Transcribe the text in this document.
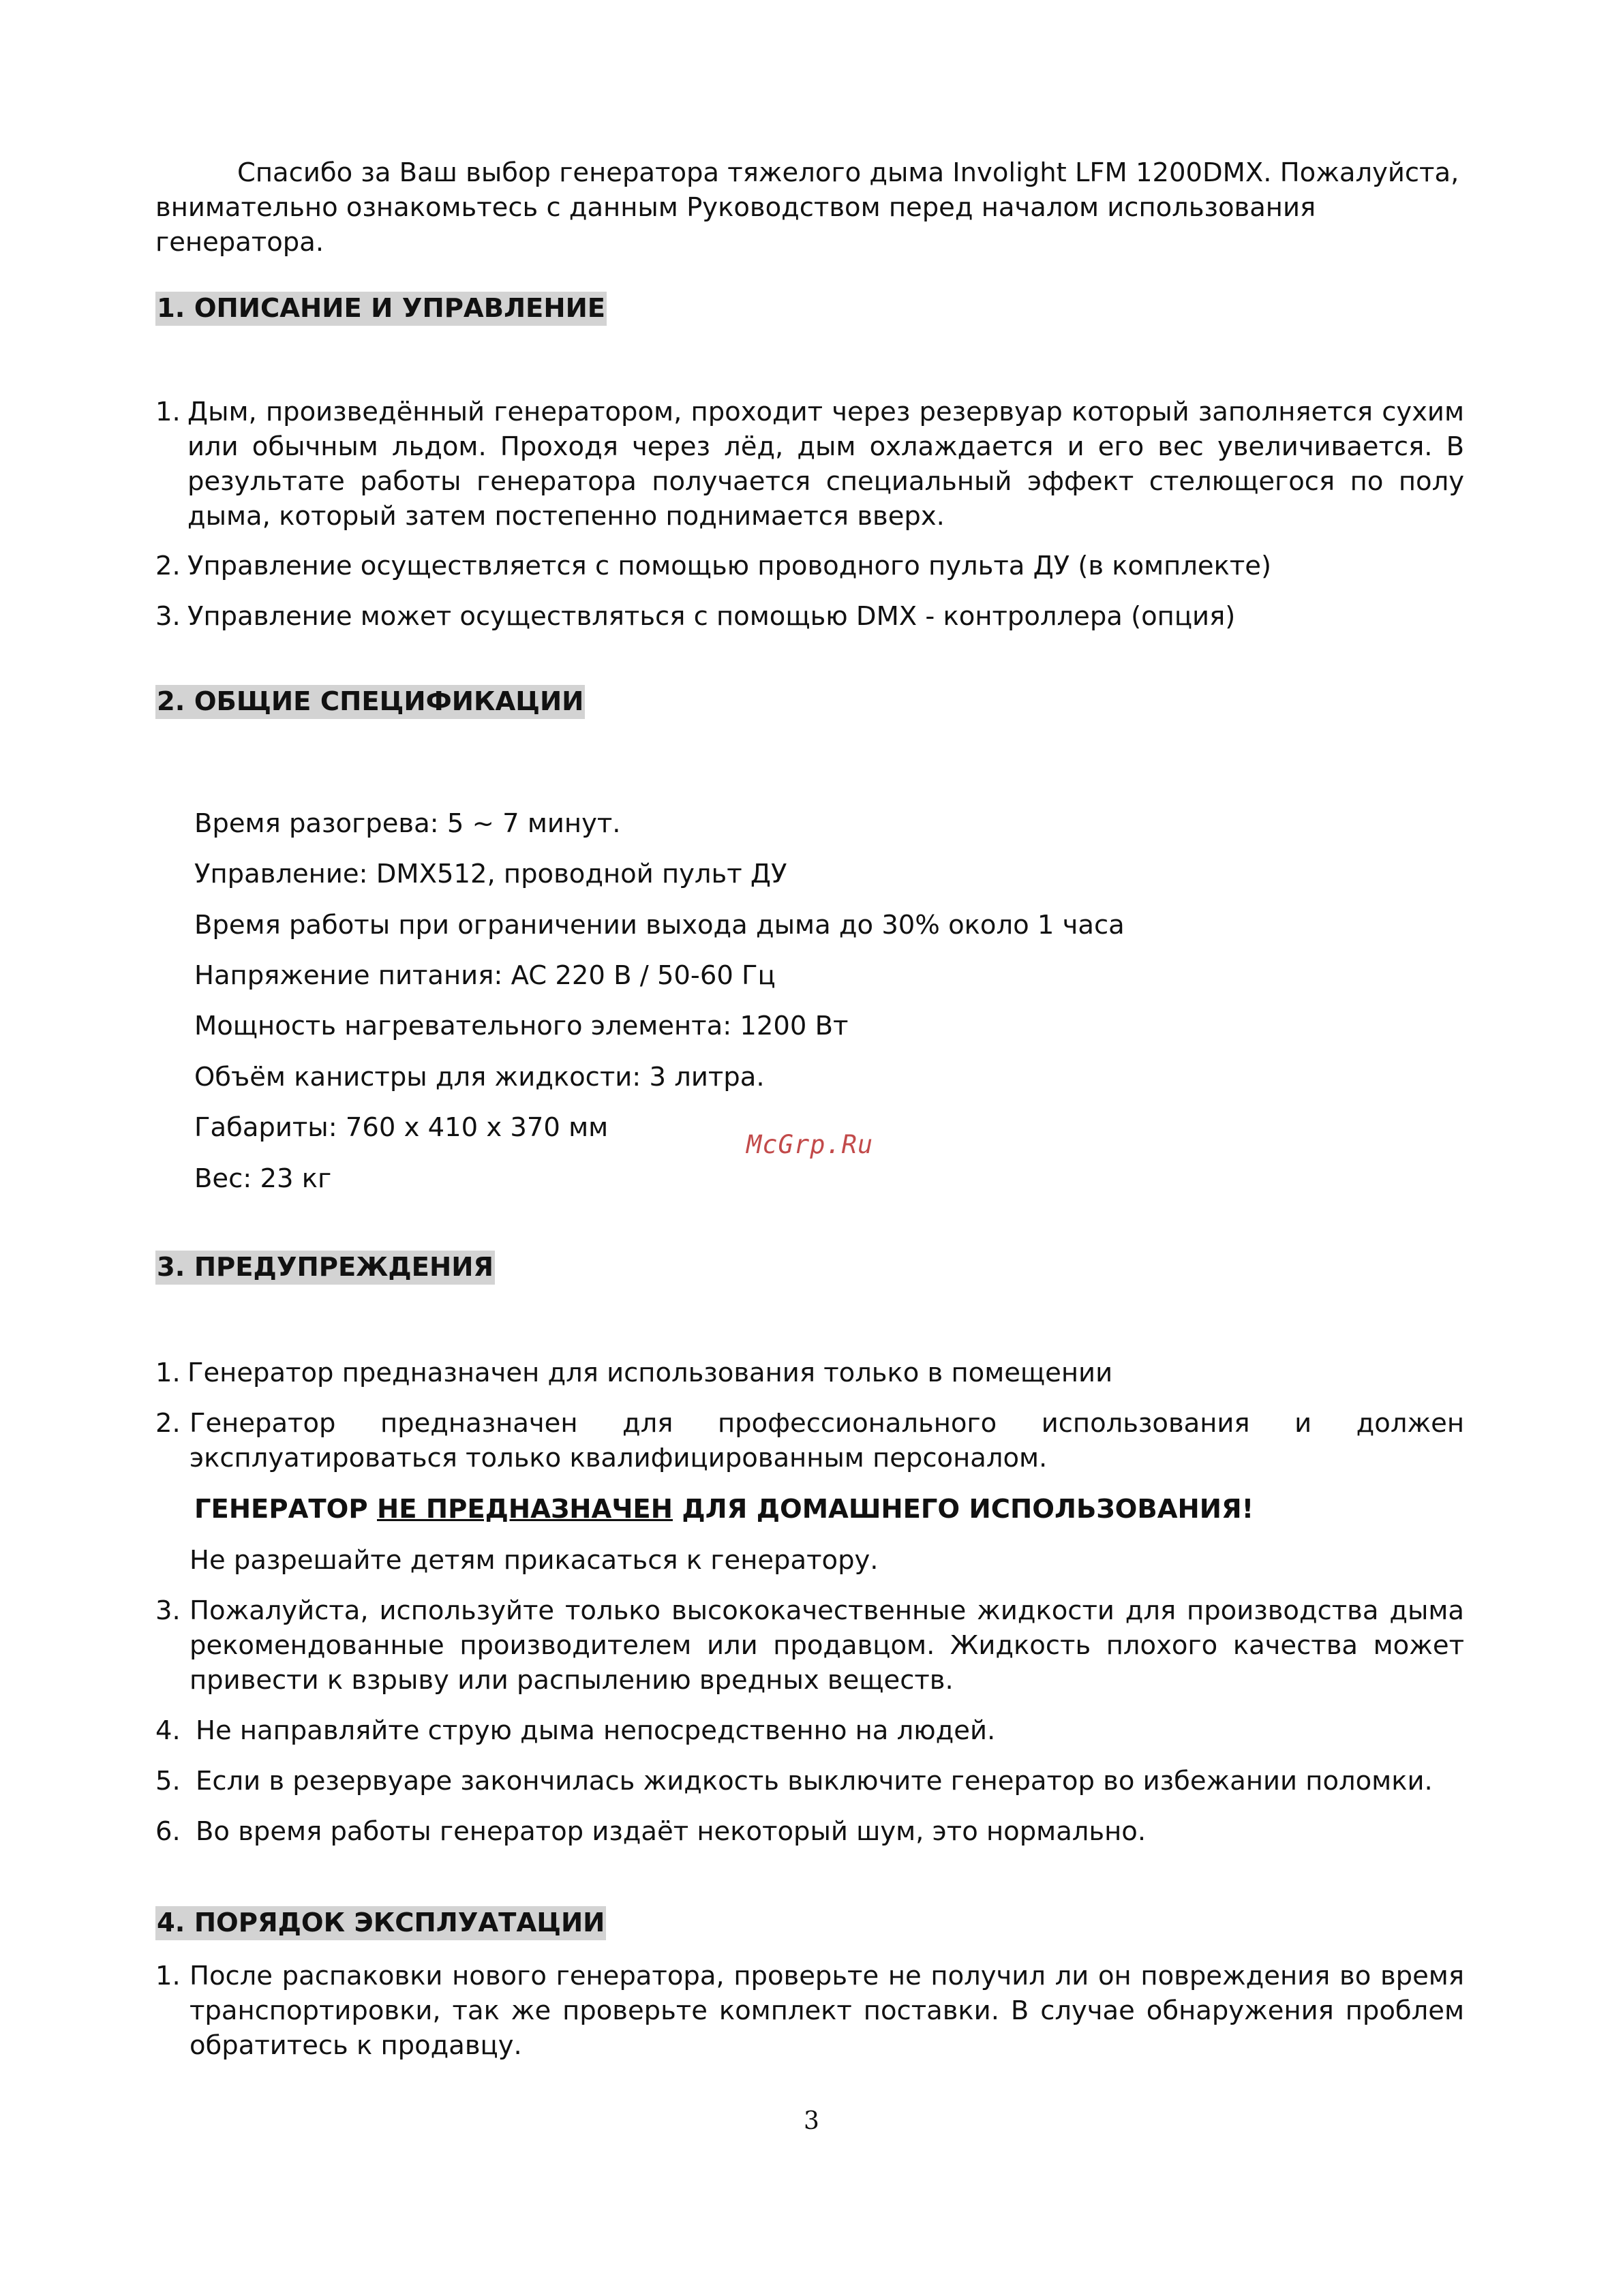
Спасибо за Ваш выбор генератора тяжелого дыма Involight LFM 1200DMX. Пожалуйста,
внимательно ознакомьтесь с данным Руководством перед началом использования генератора.
1. ОПИСАНИЕ И УПРАВЛЕНИЕ
1. Дым, произведённый генератором, проходит через резервуар который заполняется сухим или обычным льдом. Проходя через лёд, дым охлаждается и его вес увеличивается. В результате работы генератора получается специальный эффект стелющегося по полу дыма, который затем постепенно поднимается вверх.
2. Управление осуществляется с помощью проводного пульта ДУ (в комплекте)
3. Управление может осуществляться с помощью DMX - контроллера (опция)
2. ОБЩИЕ СПЕЦИФИКАЦИИ
Время разогрева: 5 ~ 7 минут.
Управление: DMX512, проводной пульт ДУ
Время работы при ограничении выхода дыма до 30% около 1 часа
Напряжение питания: AC 220 В / 50-60 Гц
Мощность нагревательного элемента: 1200 Вт
Объём канистры для жидкости: 3 литра.
Габариты: 760 x 410 x 370 мм
Вес: 23 кг
3. ПРЕДУПРЕЖДЕНИЯ
1. Генератор предназначен для использования только в помещении
2. Генератор предназначен для профессионального использования и должен эксплуатироваться только квалифицированным персоналом.
ГЕНЕРАТОР НЕ ПРЕДНАЗНАЧЕН ДЛЯ ДОМАШНЕГО ИСПОЛЬЗОВАНИЯ!
Не разрешайте детям прикасаться к генератору.
3. Пожалуйста, используйте только высококачественные жидкости для производства дыма рекомендованные производителем или продавцом. Жидкость плохого качества может привести к взрыву или распылению вредных веществ.
4. Не направляйте струю дыма непосредственно на людей.
5. Если в резервуаре закончилась жидкость выключите генератор во избежании поломки.
6. Во время работы генератор издаёт некоторый шум, это нормально.
4. ПОРЯДОК ЭКСПЛУАТАЦИИ
1. После распаковки нового генератора, проверьте не получил ли он повреждения во время транспортировки, так же проверьте комплект поставки. В случае обнаружения проблем обратитесь к продавцу.
McGrp.Ru
3
